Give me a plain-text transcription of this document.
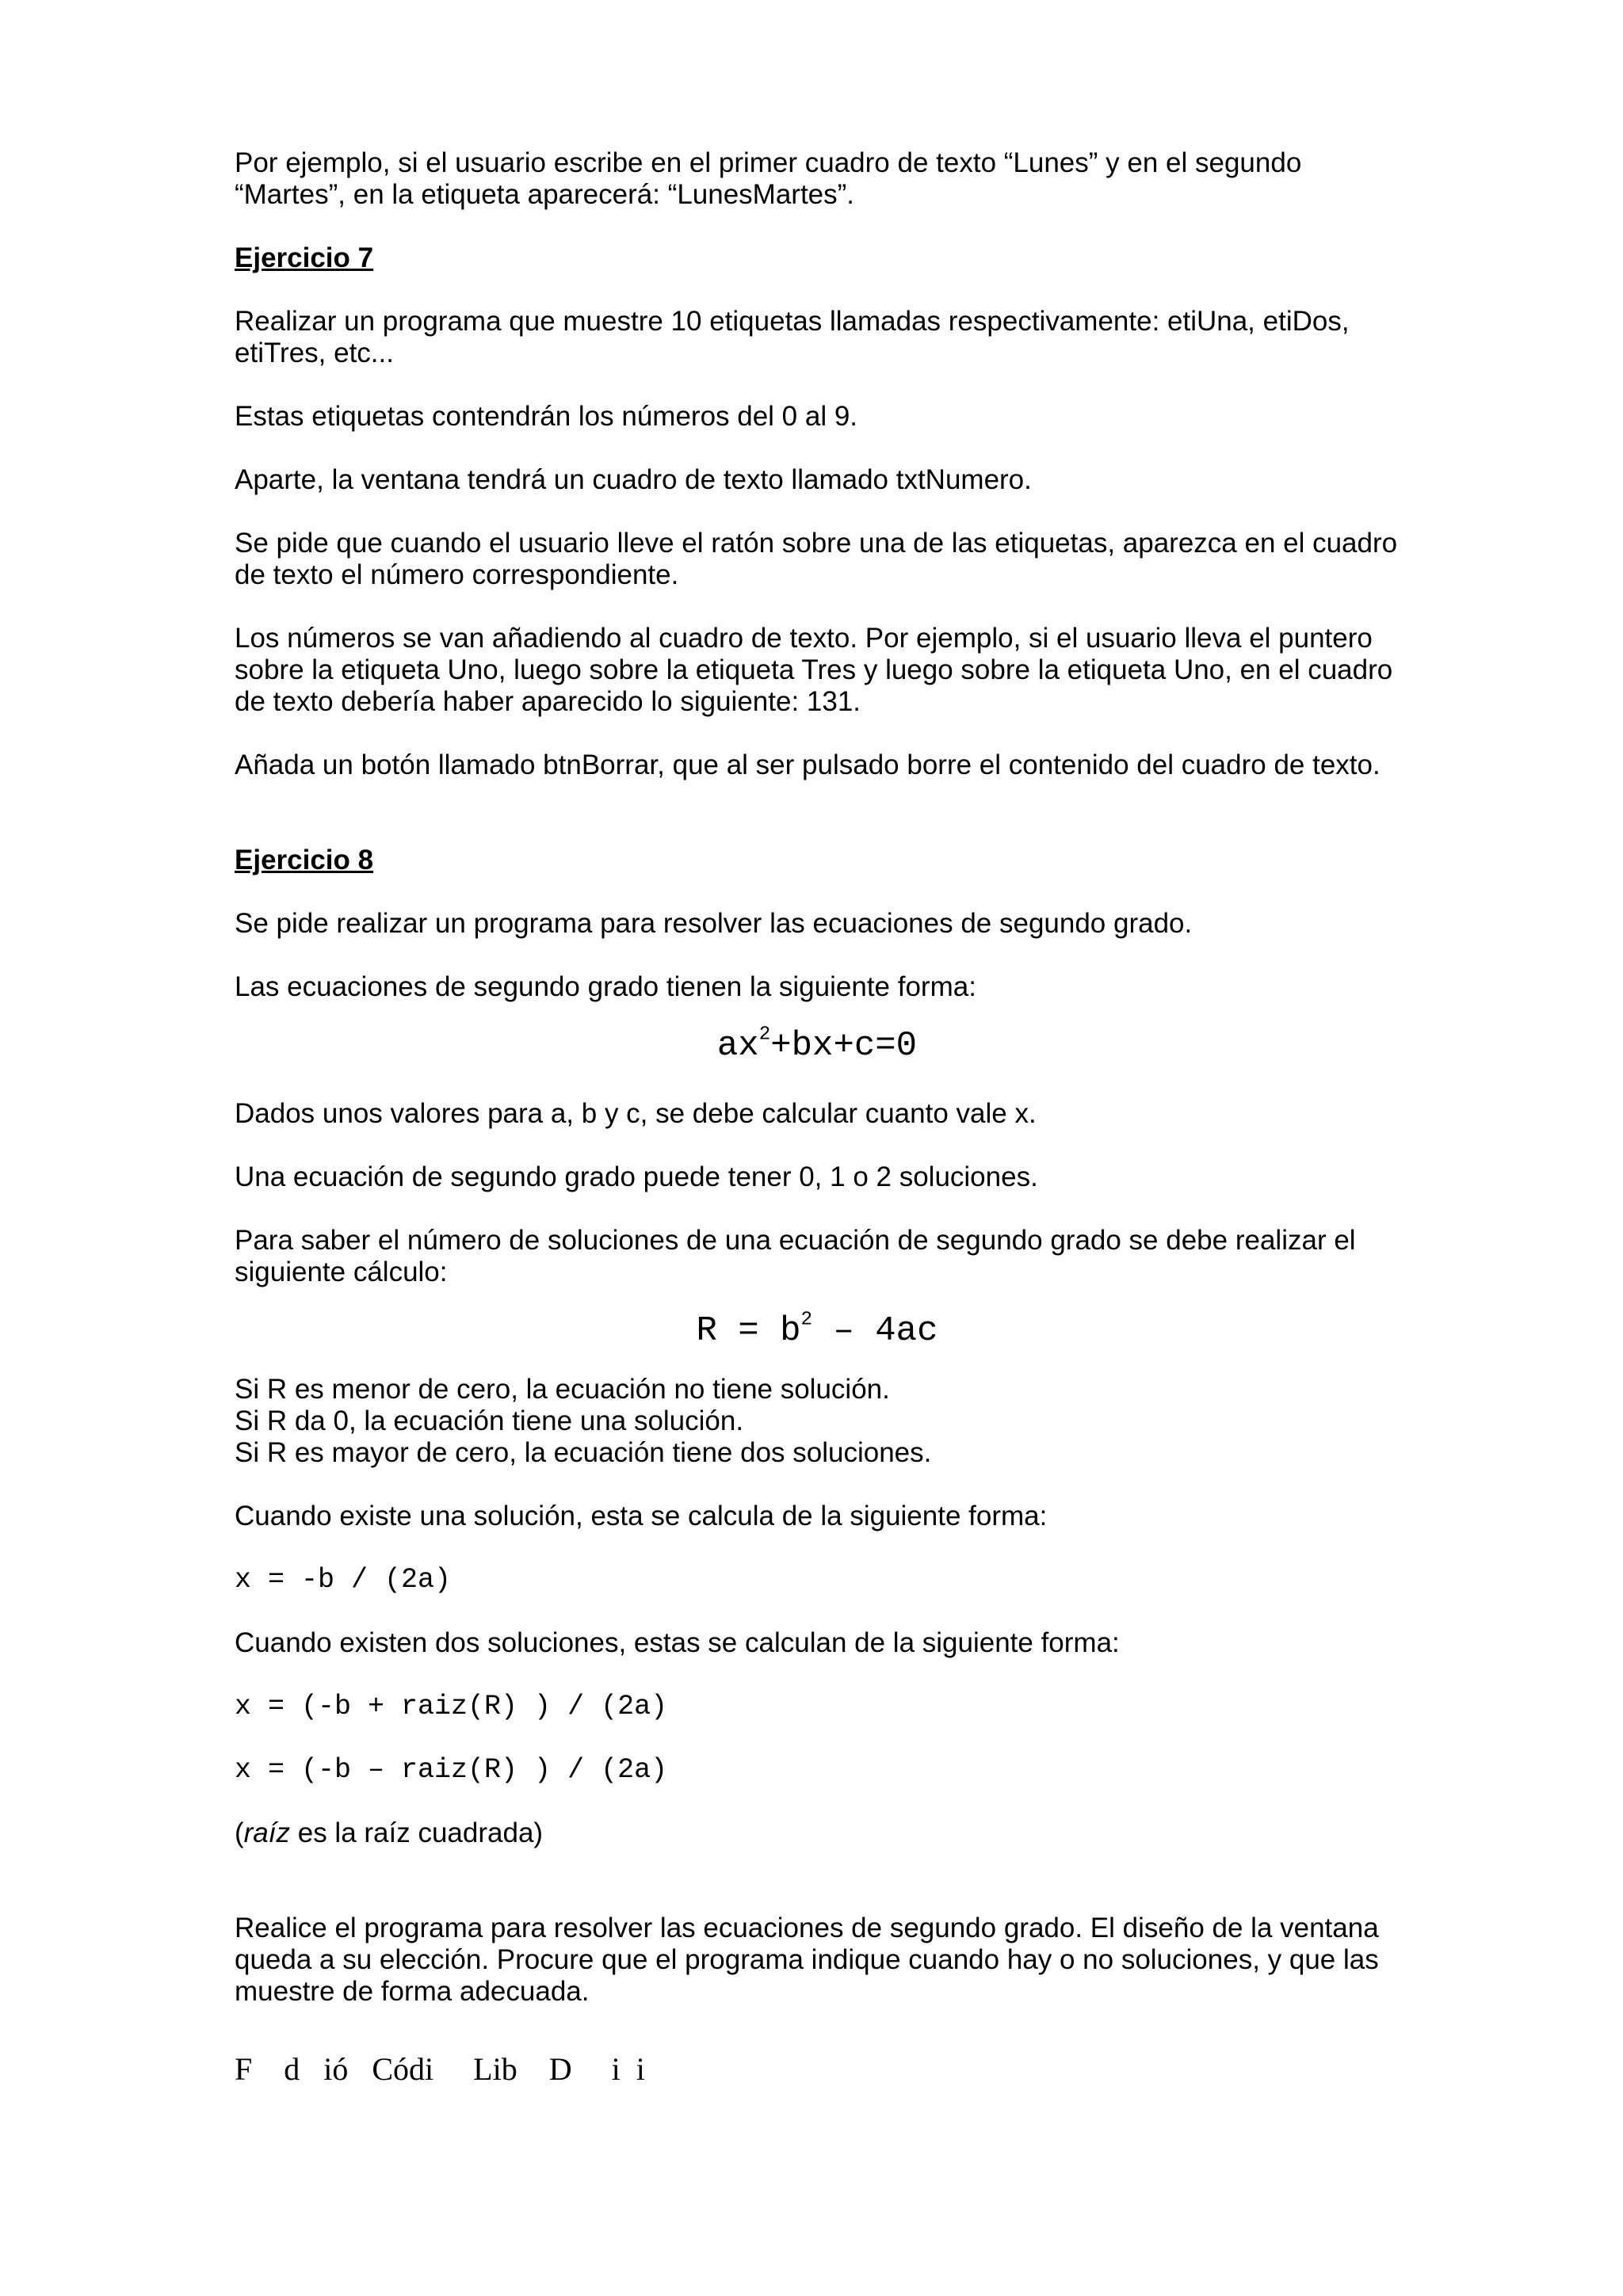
Por ejemplo, si el usuario escribe en el primer cuadro de texto “Lunes” y en el segundo “Martes”, en la etiqueta aparecerá: “LunesMartes”.

Ejercicio 7

Realizar un programa que muestre 10 etiquetas llamadas respectivamente: etiUna, etiDos, etiTres, etc...

Estas etiquetas contendrán los números del 0 al 9.

Aparte, la ventana tendrá un cuadro de texto llamado txtNumero.

Se pide que cuando el usuario lleve el ratón sobre una de las etiquetas, aparezca en el cuadro de texto el número correspondiente.

Los números se van añadiendo al cuadro de texto. Por ejemplo, si el usuario lleva el puntero sobre la etiqueta Uno, luego sobre la etiqueta Tres y luego sobre la etiqueta Uno, en el cuadro de texto debería haber aparecido lo siguiente: 131.

Añada un botón llamado btnBorrar, que al ser pulsado borre el contenido del cuadro de texto.

Ejercicio 8

Se pide realizar un programa para resolver las ecuaciones de segundo grado.

Las ecuaciones de segundo grado tienen la siguiente forma:

$ax^2+bx+c=0$

Dados unos valores para a, b y c, se debe calcular cuanto vale x.

Una ecuación de segundo grado puede tener 0, 1 o 2 soluciones.

Para saber el número de soluciones de una ecuación de segundo grado se debe realizar el siguiente cálculo:

$R = b^2 - 4ac$

Si R es menor de cero, la ecuación no tiene solución.

Si R da 0, la ecuación tiene una solución.

Si R es mayor de cero, la ecuación tiene dos soluciones.

Cuando existe una solución, esta se calcula de la siguiente forma:

x = -b / (2a)

Cuando existen dos soluciones, estas se calculan de la siguiente forma:

x = (-b + raiz(R) ) / (2a)

x = (-b – raiz(R) ) / (2a)

(raíz es la raíz cuadrada)

Realice el programa para resolver las ecuaciones de segundo grado. El diseño de la ventana queda a su elección. Procure que el programa indique cuando hay o no soluciones, y que las muestre de forma adecuada.

F    d   ió   Códi     Lib    D     i  i
